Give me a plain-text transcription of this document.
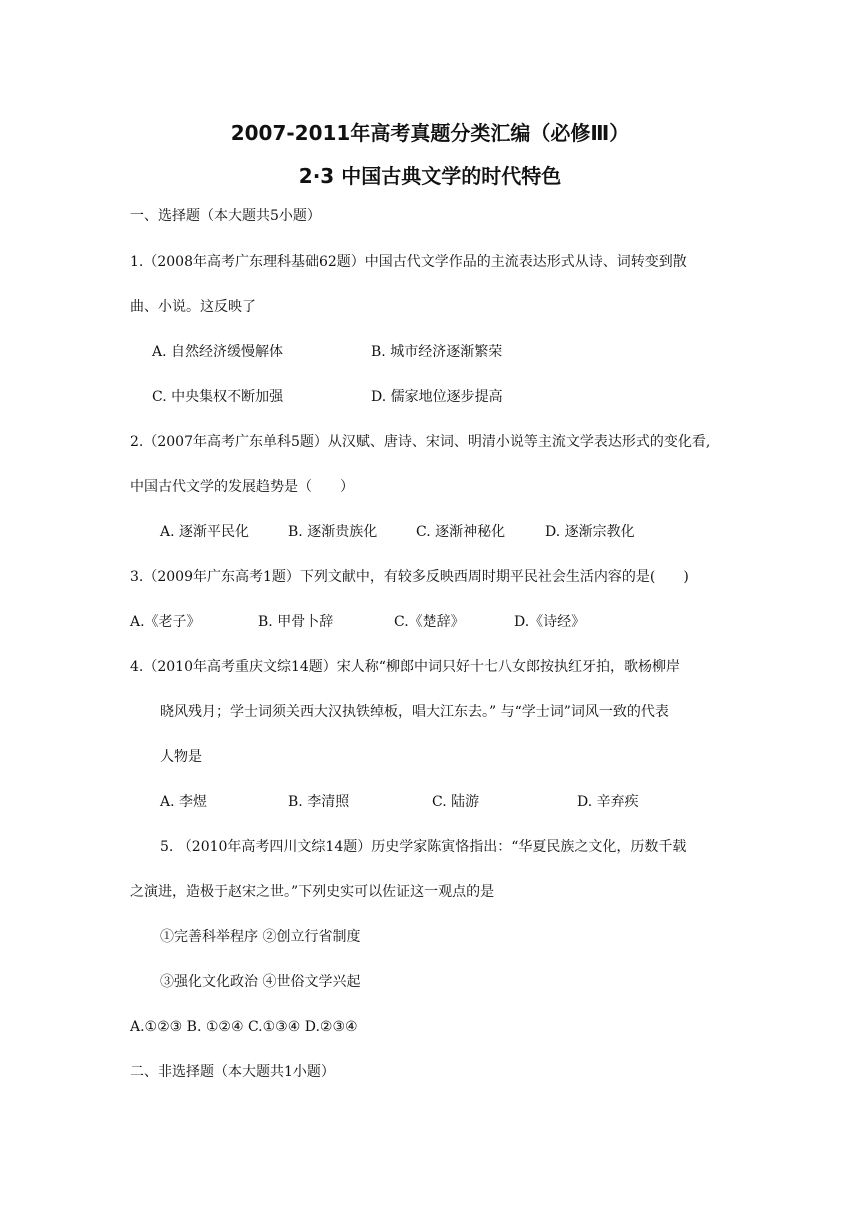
2007-2011年高考真题分类汇编（必修Ⅲ）
2·3 中国古典文学的时代特色
一、选择题（本大题共5小题）
1.（2008年高考广东理科基础62题）中国古代文学作品的主流表达形式从诗、词转变到散
曲、小说。这反映了
A. 自然经济缓慢解体	B. 城市经济逐渐繁荣
C. 中央集权不断加强	D. 儒家地位逐步提高
2.（2007年高考广东单科5题）从汉赋、唐诗、宋词、明清小说等主流文学表达形式的变化看,
中国古代文学的发展趋势是（　　）
A. 逐渐平民化	B. 逐渐贵族化	C. 逐渐神秘化	D. 逐渐宗教化
3.（2009年广东高考1题）下列文献中，有较多反映西周时期平民社会生活内容的是(　　)
A.《老子》	B. 甲骨卜辞	C.《楚辞》	D.《诗经》
4.（2010年高考重庆文综14题）宋人称“柳郎中词只好十七八女郎按执红牙拍，歌杨柳岸
晓风残月；学士词须关西大汉执铁绰板，唱大江东去。” 与“学士词”词风一致的代表
人物是
A. 李煜	B. 李清照	C. 陆游	D. 辛弃疾
5. （2010年高考四川文综14题）历史学家陈寅恪指出：“华夏民族之文化，历数千载
之演进，造极于赵宋之世。”下列史实可以佐证这一观点的是
①完善科举程序 ②创立行省制度
③强化文化政治 ④世俗文学兴起
A.①②③ B. ①②④ C.①③④ D.②③④
二、非选择题（本大题共1小题）
